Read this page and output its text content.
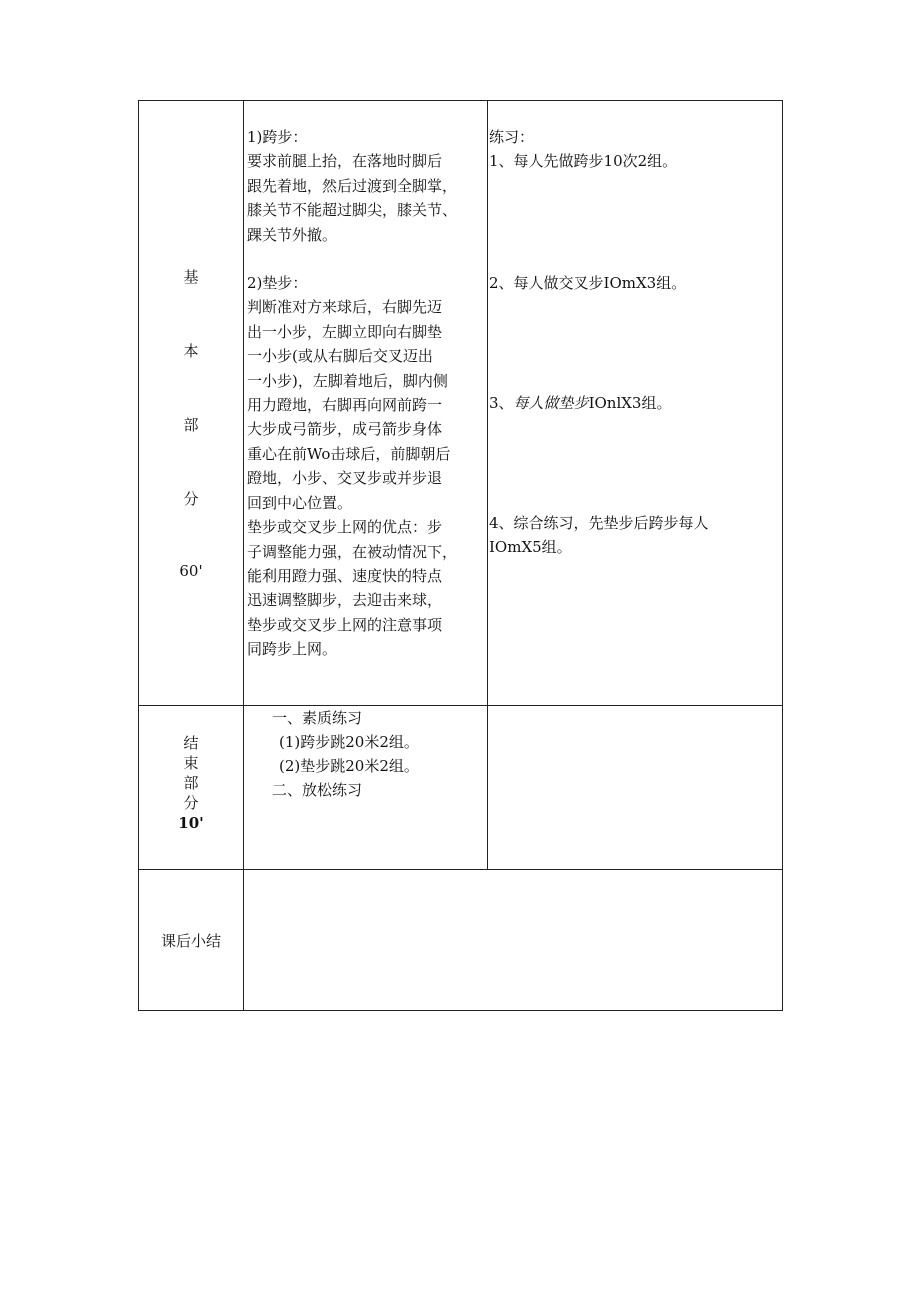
基
本
部
分
60'
1)跨步：
要求前腿上抬，在落地时脚后
跟先着地，然后过渡到全脚掌，
膝关节不能超过脚尖，膝关节、
踝关节外撤。
2)垫步：
判断准对方来球后，右脚先迈
出一小步，左脚立即向右脚垫
一小步(或从右脚后交叉迈出
一小步)，左脚着地后，脚内侧
用力蹬地，右脚再向网前跨一
大步成弓箭步，成弓箭步身体
重心在前Wo击球后，前脚朝后
蹬地，小步、交叉步或并步退
回到中心位置。
垫步或交叉步上网的优点：步
子调整能力强，在被动情况下，
能利用蹬力强、速度快的特点
迅速调整脚步，去迎击来球，
垫步或交叉步上网的注意事项
同跨步上网。
练习：
1、每人先做跨步10次2组。
2、每人做交叉步IOmX3组。
3、每人做垫步IOnlX3组。
4、综合练习，先垫步后跨步每人
IOmX5组。
结
束
部
分
10'
一、素质练习
(1)跨步跳20米2组。
(2)垫步跳20米2组。
二、放松练习
课后小结
